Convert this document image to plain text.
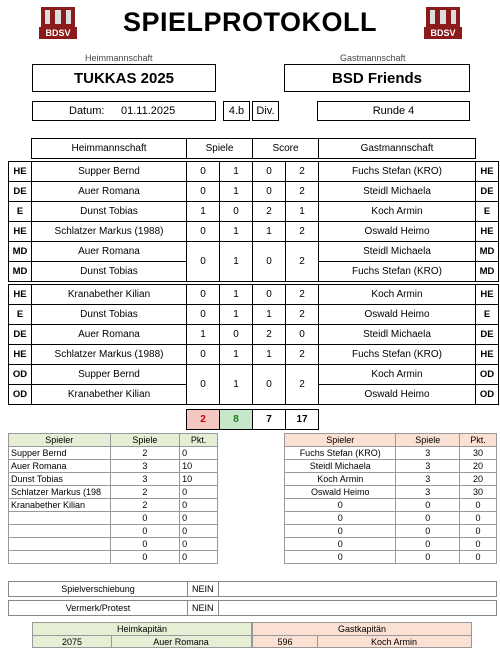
BDSV	BDSV
SPIELPROTOKOLL
Heimmannschaft	Gastmannschaft
TUKKAS 2025	BSD Friends
Datum: 01.11.2025	4.b	Div.	Runde 4
	Heimmannschaft	Spiele		Score		Gastmannschaft	

HE	Supper Bernd	0	1	0	2	Fuchs Stefan (KRO)	HE
DE	Auer Romana	0	1	0	2	Steidl Michaela	DE
E	Dunst Tobias	1	0	2	1	Koch Armin	E
HE	Schlatzer Markus (1988)	0	1	1	2	Oswald Heimo	HE
MD	Auer Romana	0	1	0	2	Steidl Michaela	MD
MD	Dunst Tobias					Fuchs Stefan (KRO)	MD

HE	Kranabether Kilian	0	1	0	2	Koch Armin	HE
E	Dunst Tobias	0	1	1	2	Oswald Heimo	E
DE	Auer Romana	1	0	2	0	Steidl Michaela	DE
HE	Schlatzer Markus (1988)	0	1	1	2	Fuchs Stefan (KRO)	HE
OD	Supper Bernd	0	1	0	2	Koch Armin	OD
OD	Kranabether Kilian					Oswald Heimo	OD

		2	8	7	17		
Spieler	Spiele	Pkt.
Supper Bernd	2	0
Auer Romana	3	10
Dunst Tobias	3	10
Schlatzer Markus (198	2	0
Kranabether Kilian	2	0
	0	0
	0	0
	0	0
	0	0
Spieler	Spiele	Pkt.
Fuchs Stefan (KRO)	3	30
Steidl Michaela	3	20
Koch Armin	3	20
Oswald Heimo	3	30
0	0	0
0	0	0
0	0	0
0	0	0
0	0	0
Spielverschiebung	NEIN
Vermerk/Protest	NEIN
Heimkapitän
2075	Auer Romana
Gastkapitän
596	Koch Armin
